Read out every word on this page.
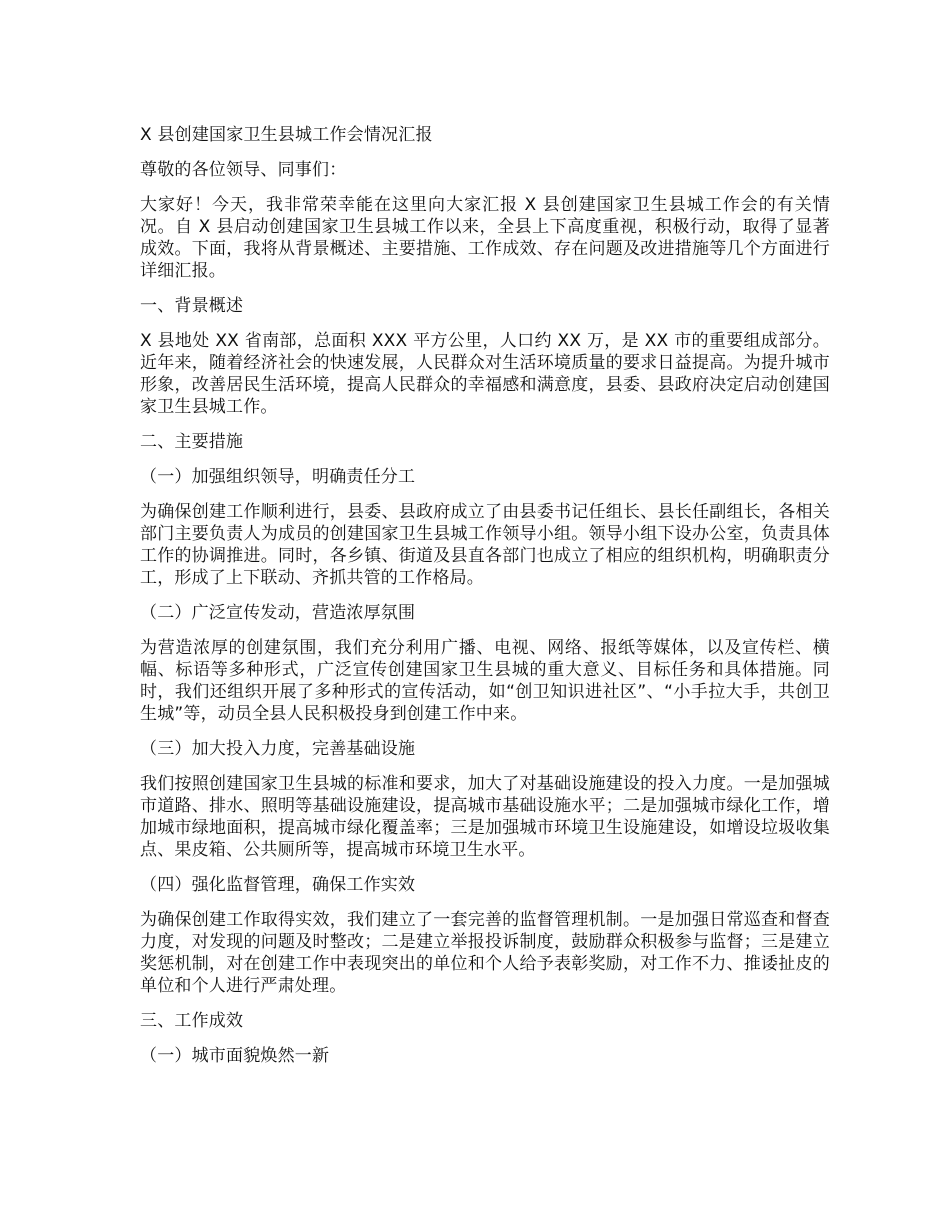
X 县创建国家卫生县城工作会情况汇报

尊敬的各位领导、同事们：

大家好！今天，我非常荣幸能在这里向大家汇报 X 县创建国家卫生县城工作会的有关情况。自 X 县启动创建国家卫生县城工作以来，全县上下高度重视，积极行动，取得了显著成效。下面，我将从背景概述、主要措施、工作成效、存在问题及改进措施等几个方面进行详细汇报。

一、背景概述

X 县地处 XX 省南部，总面积 XXX 平方公里，人口约 XX 万，是 XX 市的重要组成部分。近年来，随着经济社会的快速发展，人民群众对生活环境质量的要求日益提高。为提升城市形象，改善居民生活环境，提高人民群众的幸福感和满意度，县委、县政府决定启动创建国家卫生县城工作。

二、主要措施

（一）加强组织领导，明确责任分工

为确保创建工作顺利进行，县委、县政府成立了由县委书记任组长、县长任副组长，各相关部门主要负责人为成员的创建国家卫生县城工作领导小组。领导小组下设办公室，负责具体工作的协调推进。同时，各乡镇、街道及县直各部门也成立了相应的组织机构，明确职责分工，形成了上下联动、齐抓共管的工作格局。

（二）广泛宣传发动，营造浓厚氛围

为营造浓厚的创建氛围，我们充分利用广播、电视、网络、报纸等媒体，以及宣传栏、横幅、标语等多种形式，广泛宣传创建国家卫生县城的重大意义、目标任务和具体措施。同时，我们还组织开展了多种形式的宣传活动，如“创卫知识进社区”、“小手拉大手，共创卫生城”等，动员全县人民积极投身到创建工作中来。

（三）加大投入力度，完善基础设施

我们按照创建国家卫生县城的标准和要求，加大了对基础设施建设的投入力度。一是加强城市道路、排水、照明等基础设施建设，提高城市基础设施水平；二是加强城市绿化工作，增加城市绿地面积，提高城市绿化覆盖率；三是加强城市环境卫生设施建设，如增设垃圾收集点、果皮箱、公共厕所等，提高城市环境卫生水平。

（四）强化监督管理，确保工作实效

为确保创建工作取得实效，我们建立了一套完善的监督管理机制。一是加强日常巡查和督查力度，对发现的问题及时整改；二是建立举报投诉制度，鼓励群众积极参与监督；三是建立奖惩机制，对在创建工作中表现突出的单位和个人给予表彰奖励，对工作不力、推诿扯皮的单位和个人进行严肃处理。

三、工作成效

（一）城市面貌焕然一新
